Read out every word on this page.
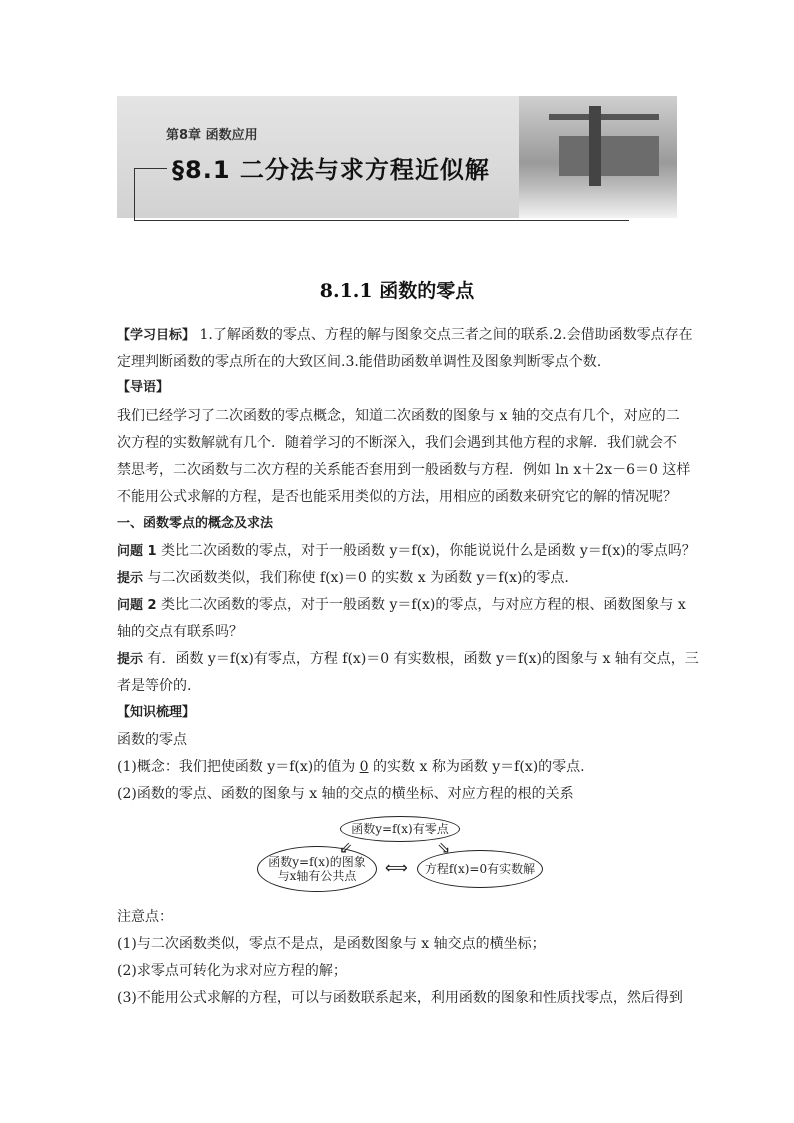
第8章 函数应用
§8.1 二分法与求方程近似解
8.1.1 函数的零点
【学习目标】 1.了解函数的零点、方程的解与图象交点三者之间的联系.2.会借助函数零点存在
定理判断函数的零点所在的大致区间.3.能借助函数单调性及图象判断零点个数.
【导语】
我们已经学习了二次函数的零点概念，知道二次函数的图象与 x 轴的交点有几个，对应的二
次方程的实数解就有几个．随着学习的不断深入，我们会遇到其他方程的求解．我们就会不
禁思考，二次函数与二次方程的关系能否套用到一般函数与方程．例如 ln x＋2x－6＝0 这样
不能用公式求解的方程，是否也能采用类似的方法，用相应的函数来研究它的解的情况呢？
一、函数零点的概念及求法
问题 1 类比二次函数的零点，对于一般函数 y＝f(x)，你能说说什么是函数 y＝f(x)的零点吗？
提示 与二次函数类似，我们称使 f(x)＝0 的实数 x 为函数 y＝f(x)的零点.
问题 2 类比二次函数的零点，对于一般函数 y＝f(x)的零点，与对应方程的根、函数图象与 x
轴的交点有联系吗？
提示 有．函数 y＝f(x)有零点，方程 f(x)＝0 有实数根，函数 y＝f(x)的图象与 x 轴有交点，三
者是等价的.
【知识梳理】
函数的零点
(1)概念：我们把使函数 y＝f(x)的值为 0 的实数 x 称为函数 y＝f(x)的零点.
(2)函数的零点、函数的图象与 x 轴的交点的横坐标、对应方程的根的关系
函数y=f(x)有零点
函数y=f(x)的图象
与x轴有公共点	方程f(x)=0有实数解
⇙	⇘
⟺
注意点：
(1)与二次函数类似，零点不是点，是函数图象与 x 轴交点的横坐标；
(2)求零点可转化为求对应方程的解；
(3)不能用公式求解的方程，可以与函数联系起来，利用函数的图象和性质找零点，然后得到
